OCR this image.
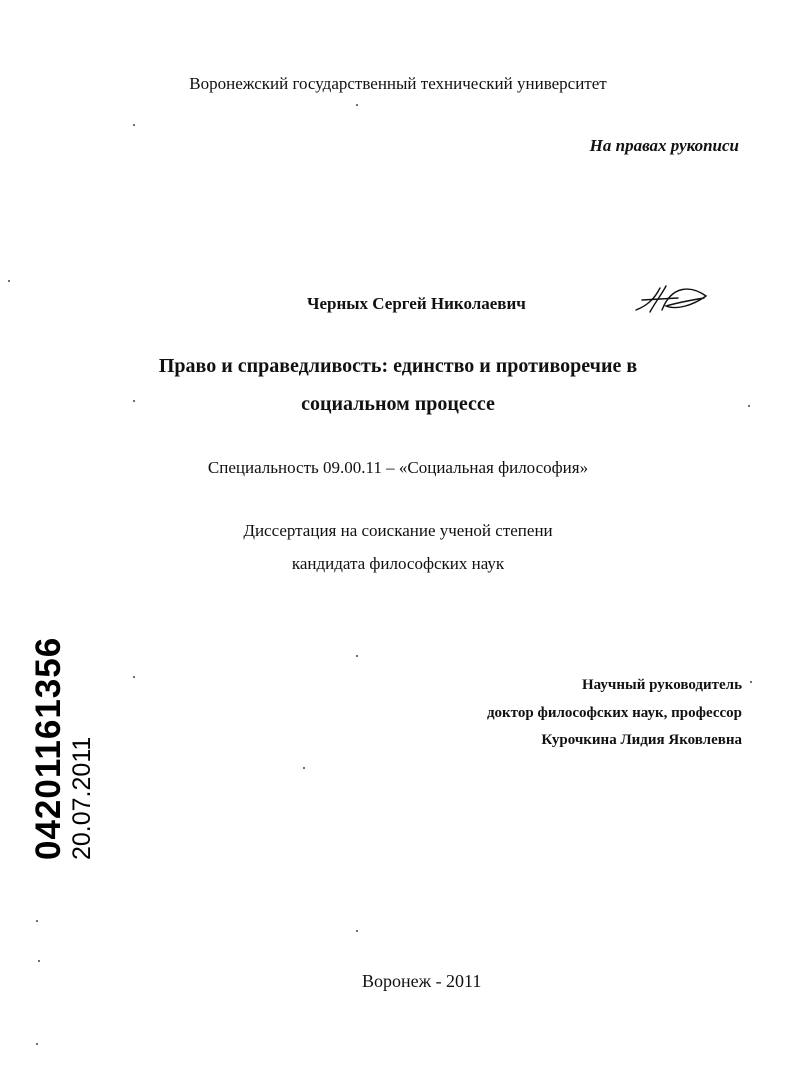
Воронежский государственный технический университет
На правах рукописи
Черных Сергей Николаевич
Право и справедливость: единство и противоречие в
социальном процессе
Специальность 09.00.11 – «Социальная философия»
Диссертация на соискание ученой степени
кандидата философских наук
Научный руководитель
доктор философских наук, профессор
Курочкина Лидия Яковлевна
Воронеж - 2011
04201161356 20.07.2011
